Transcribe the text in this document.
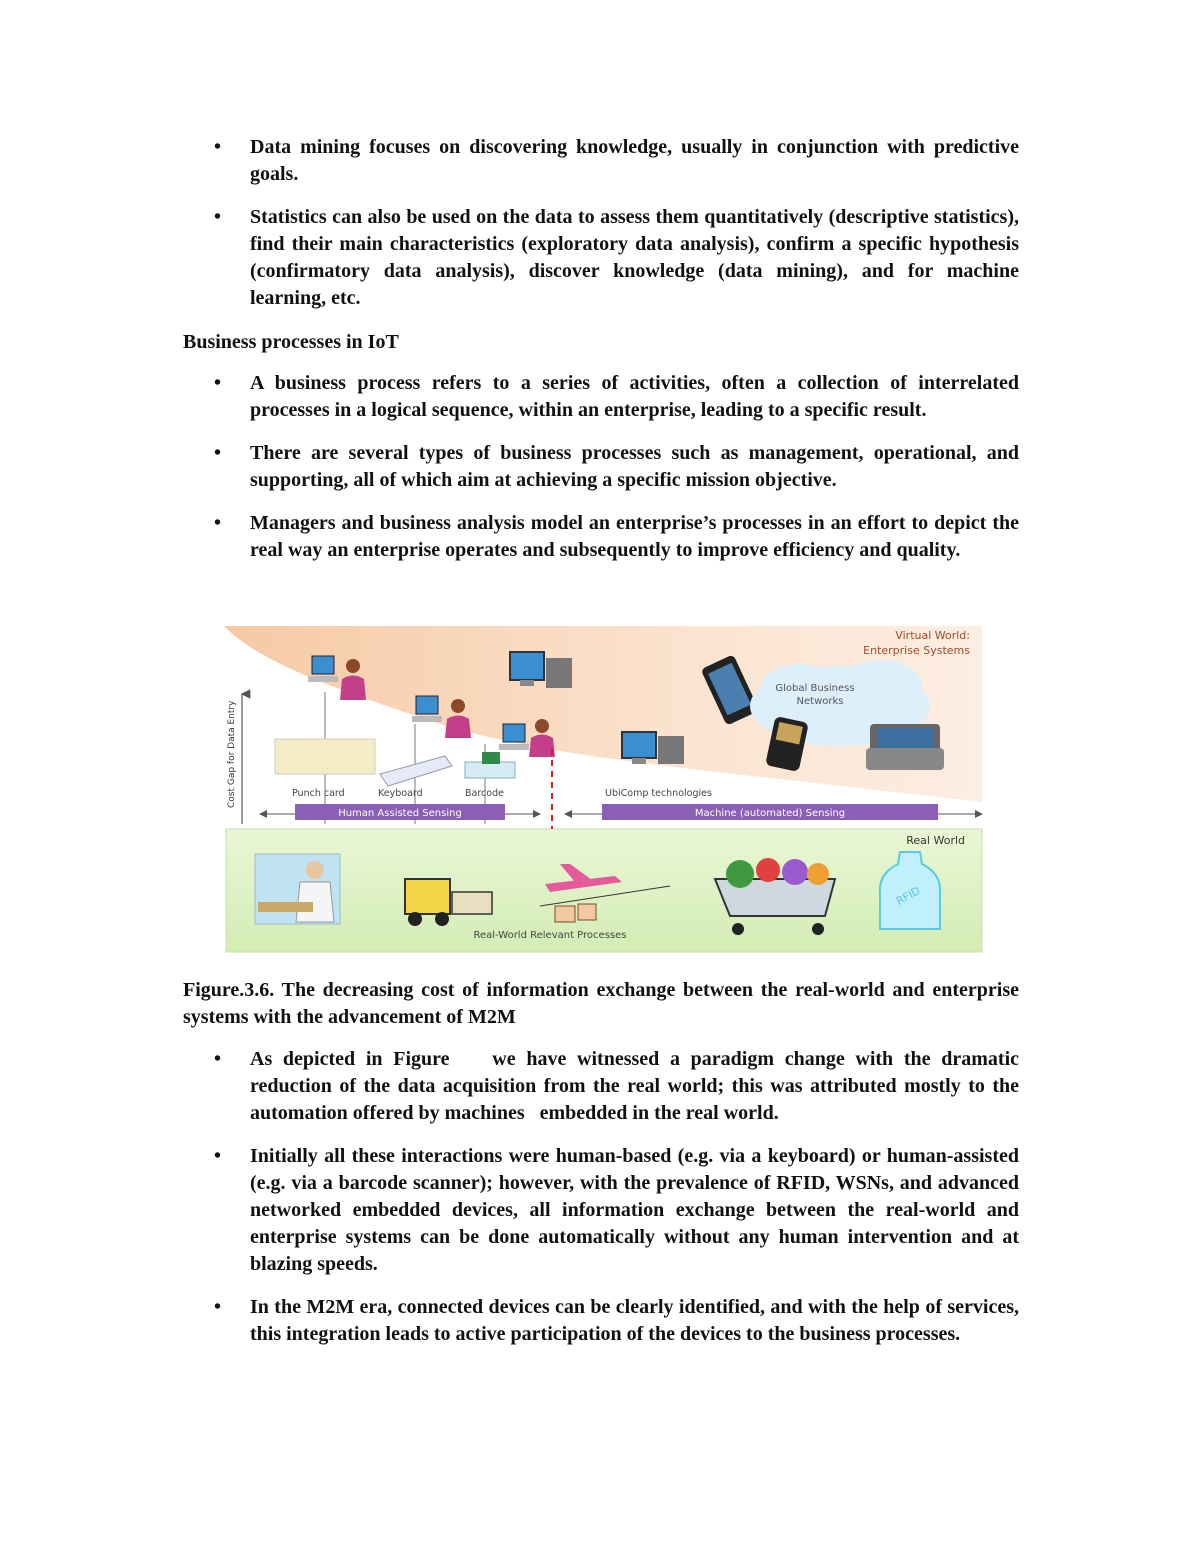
•	Data mining focuses on discovering knowledge, usually in conjunction with predictive goals.
•	Statistics can also be used on the data to assess them quantitatively (descriptive statistics), find their main characteristics (exploratory data analysis), confirm a specific hypothesis (confirmatory data analysis), discover knowledge (data mining), and for machine learning, etc.
Business processes in IoT
•	A business process refers to a series of activities, often a collection of interrelated processes in a logical sequence, within an enterprise, leading to a specific result.
•	There are several types of business processes such as management, operational, and supporting, all of which aim at achieving a specific mission objective.
•	Managers and business analysis model an enterprise’s processes in an effort to depict the real way an enterprise operates and subsequently to improve efficiency and quality.
Virtual World:
Enterprise Systems
Cost Gap for Data Entry
Global Business
Networks
Punch card	Keyboard	Barcode	UbiComp technologies
Human Assisted Sensing	Machine (automated) Sensing
Real World
RFID
Real-World Relevant Processes
Figure.3.6. The decreasing cost of information exchange between the real-world and enterprise systems with the advancement of M2M
•	As depicted in Figure    we have witnessed a paradigm change with the dramatic reduction of the data acquisition from the real world; this was attributed mostly to the automation offered by machines   embedded in the real world.
•	Initially all these interactions were human-based (e.g. via a keyboard) or human-assisted (e.g. via a barcode scanner); however, with the prevalence of RFID, WSNs, and advanced networked embedded devices, all information exchange between the real-world and enterprise systems can be done automatically without any human intervention and at blazing speeds.
•	In the M2M era, connected devices can be clearly identified, and with the help of services, this integration leads to active participation of the devices to the business processes.
